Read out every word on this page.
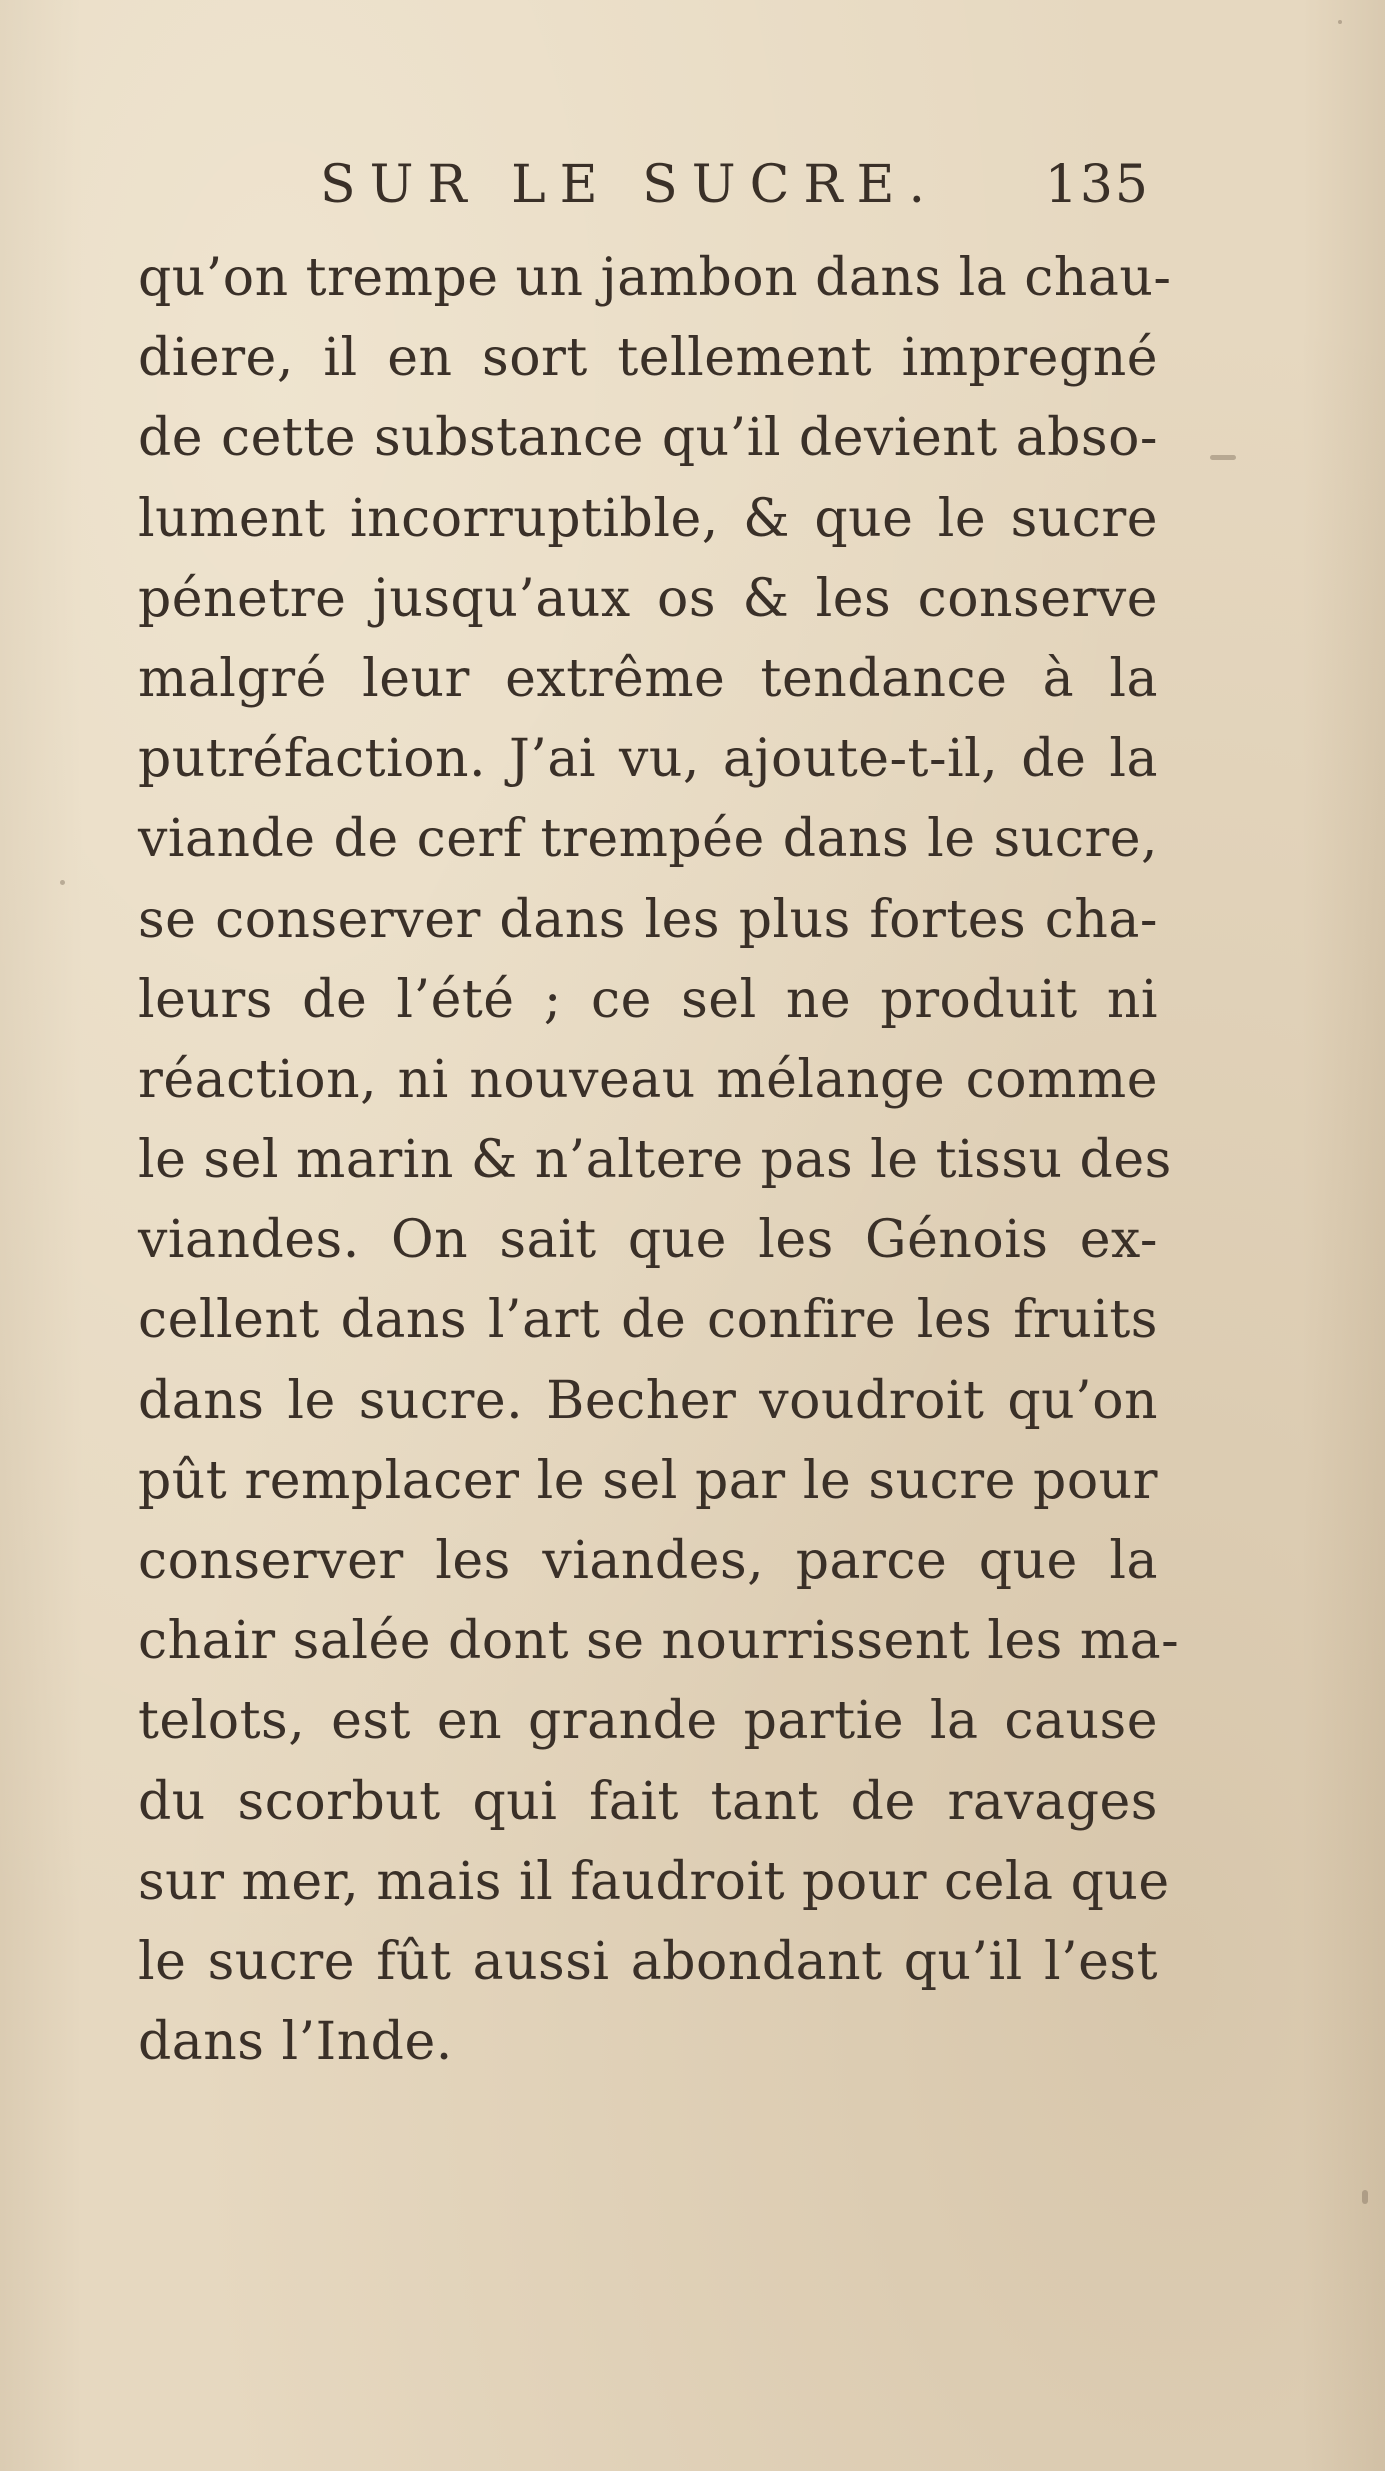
SUR LE SUCRE. 135
qu’on trempe un jambon dans la chau-
diere, il en sort tellement impregné
de cette substance qu’il devient abso-
lument incorruptible, & que le sucre
pénetre jusqu’aux os & les conserve
malgré leur extrême tendance à la
putréfaction. J’ai vu, ajoute-t-il, de la
viande de cerf trempée dans le sucre,
se conserver dans les plus fortes cha-
leurs de l’été ; ce sel ne produit ni
réaction, ni nouveau mélange comme
le sel marin & n’altere pas le tissu des
viandes. On sait que les Génois ex-
cellent dans l’art de confire les fruits
dans le sucre. Becher voudroit qu’on
pût remplacer le sel par le sucre pour
conserver les viandes, parce que la
chair salée dont se nourrissent les ma-
telots, est en grande partie la cause
du scorbut qui fait tant de ravages
sur mer, mais il faudroit pour cela que
le sucre fût aussi abondant qu’il l’est
dans l’Inde.
